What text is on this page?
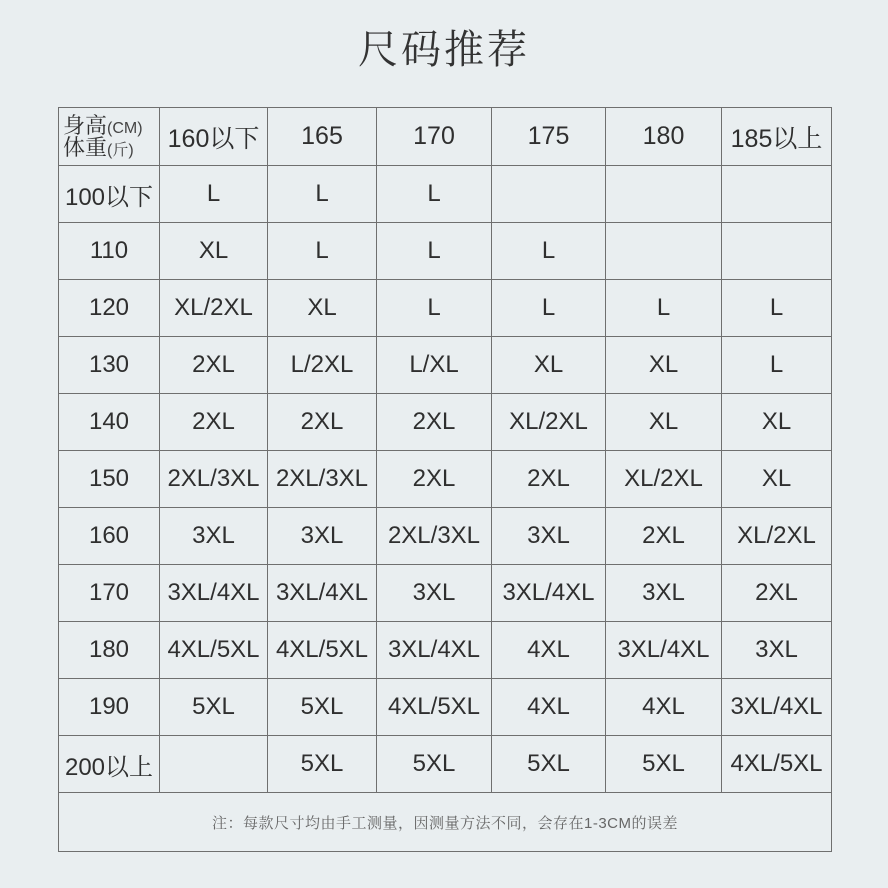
尺码推荐
身高(CM)
体重(斤)	160以下	165	170	175	180	185以上
100以下	L	L	L			
110	XL	L	L	L		
120	XL/2XL	XL	L	L	L	L
130	2XL	L/2XL	L/XL	XL	XL	L
140	2XL	2XL	2XL	XL/2XL	XL	XL
150	2XL/3XL	2XL/3XL	2XL	2XL	XL/2XL	XL
160	3XL	3XL	2XL/3XL	3XL	2XL	XL/2XL
170	3XL/4XL	3XL/4XL	3XL	3XL/4XL	3XL	2XL
180	4XL/5XL	4XL/5XL	3XL/4XL	4XL	3XL/4XL	3XL
190	5XL	5XL	4XL/5XL	4XL	4XL	3XL/4XL
200以上		5XL	5XL	5XL	5XL	4XL/5XL
注：每款尺寸均由手工测量，因测量方法不同，会存在1-3CM的误差						
